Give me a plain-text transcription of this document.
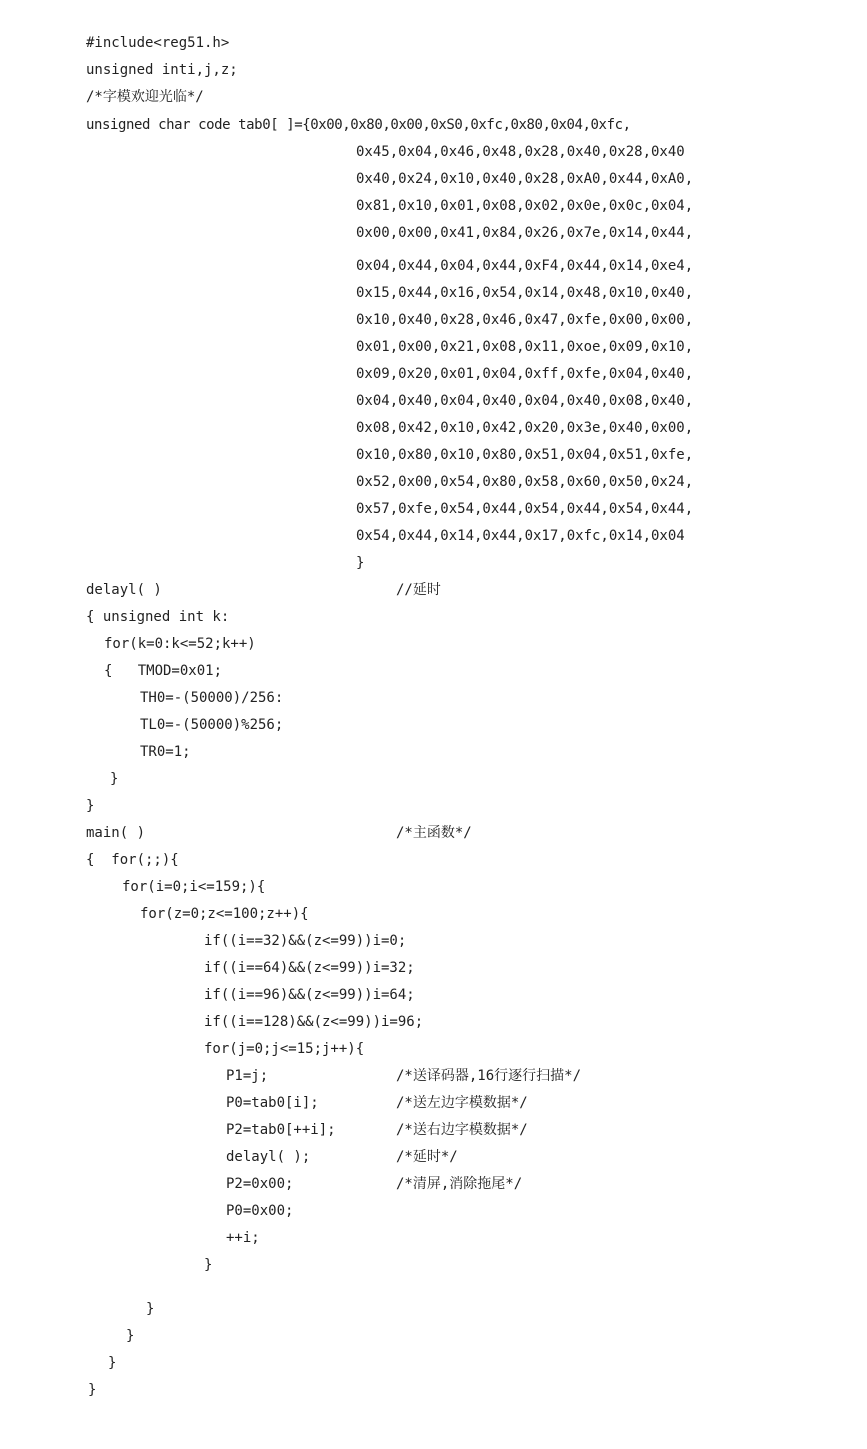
#include<reg51.h>
unsigned inti,j,z;
/*字模欢迎光临*/
unsigned char code tab0[ ]={0x00,0x80,0x00,0xS0,0xfc,0x80,0x04,0xfc,
0x45,0x04,0x46,0x48,0x28,0x40,0x28,0x40
0x40,0x24,0x10,0x40,0x28,0xA0,0x44,0xA0,
0x81,0x10,0x01,0x08,0x02,0x0e,0x0c,0x04,
0x00,0x00,0x41,0x84,0x26,0x7e,0x14,0x44,
0x04,0x44,0x04,0x44,0xF4,0x44,0x14,0xe4,
0x15,0x44,0x16,0x54,0x14,0x48,0x10,0x40,
0x10,0x40,0x28,0x46,0x47,0xfe,0x00,0x00,
0x01,0x00,0x21,0x08,0x11,0xoe,0x09,0x10,
0x09,0x20,0x01,0x04,0xff,0xfe,0x04,0x40,
0x04,0x40,0x04,0x40,0x04,0x40,0x08,0x40,
0x08,0x42,0x10,0x42,0x20,0x3e,0x40,0x00,
0x10,0x80,0x10,0x80,0x51,0x04,0x51,0xfe,
0x52,0x00,0x54,0x80,0x58,0x60,0x50,0x24,
0x57,0xfe,0x54,0x44,0x54,0x44,0x54,0x44,
0x54,0x44,0x14,0x44,0x17,0xfc,0x14,0x04
}
delayl( )	//延时
{ unsigned int k:
for(k=0:k<=52;k++)
{   TMOD=0x01;
TH0=-(50000)/256:
TL0=-(50000)%256;
TR0=1;
}
}
main( )	/*主函数*/
{  for(;;){
for(i=0;i<=159;){
for(z=0;z<=100;z++){
if((i==32)&&(z<=99))i=0;
if((i==64)&&(z<=99))i=32;
if((i==96)&&(z<=99))i=64;
if((i==128)&&(z<=99))i=96;
for(j=0;j<=15;j++){
P1=j;	/*送译码器,16行逐行扫描*/
P0=tab0[i];	/*送左边字模数据*/
P2=tab0[++i];	/*送右边字模数据*/
delayl( );	/*延时*/
P2=0x00;	/*清屏,消除拖尾*/
P0=0x00;
++i;
}
}
}
}
}
